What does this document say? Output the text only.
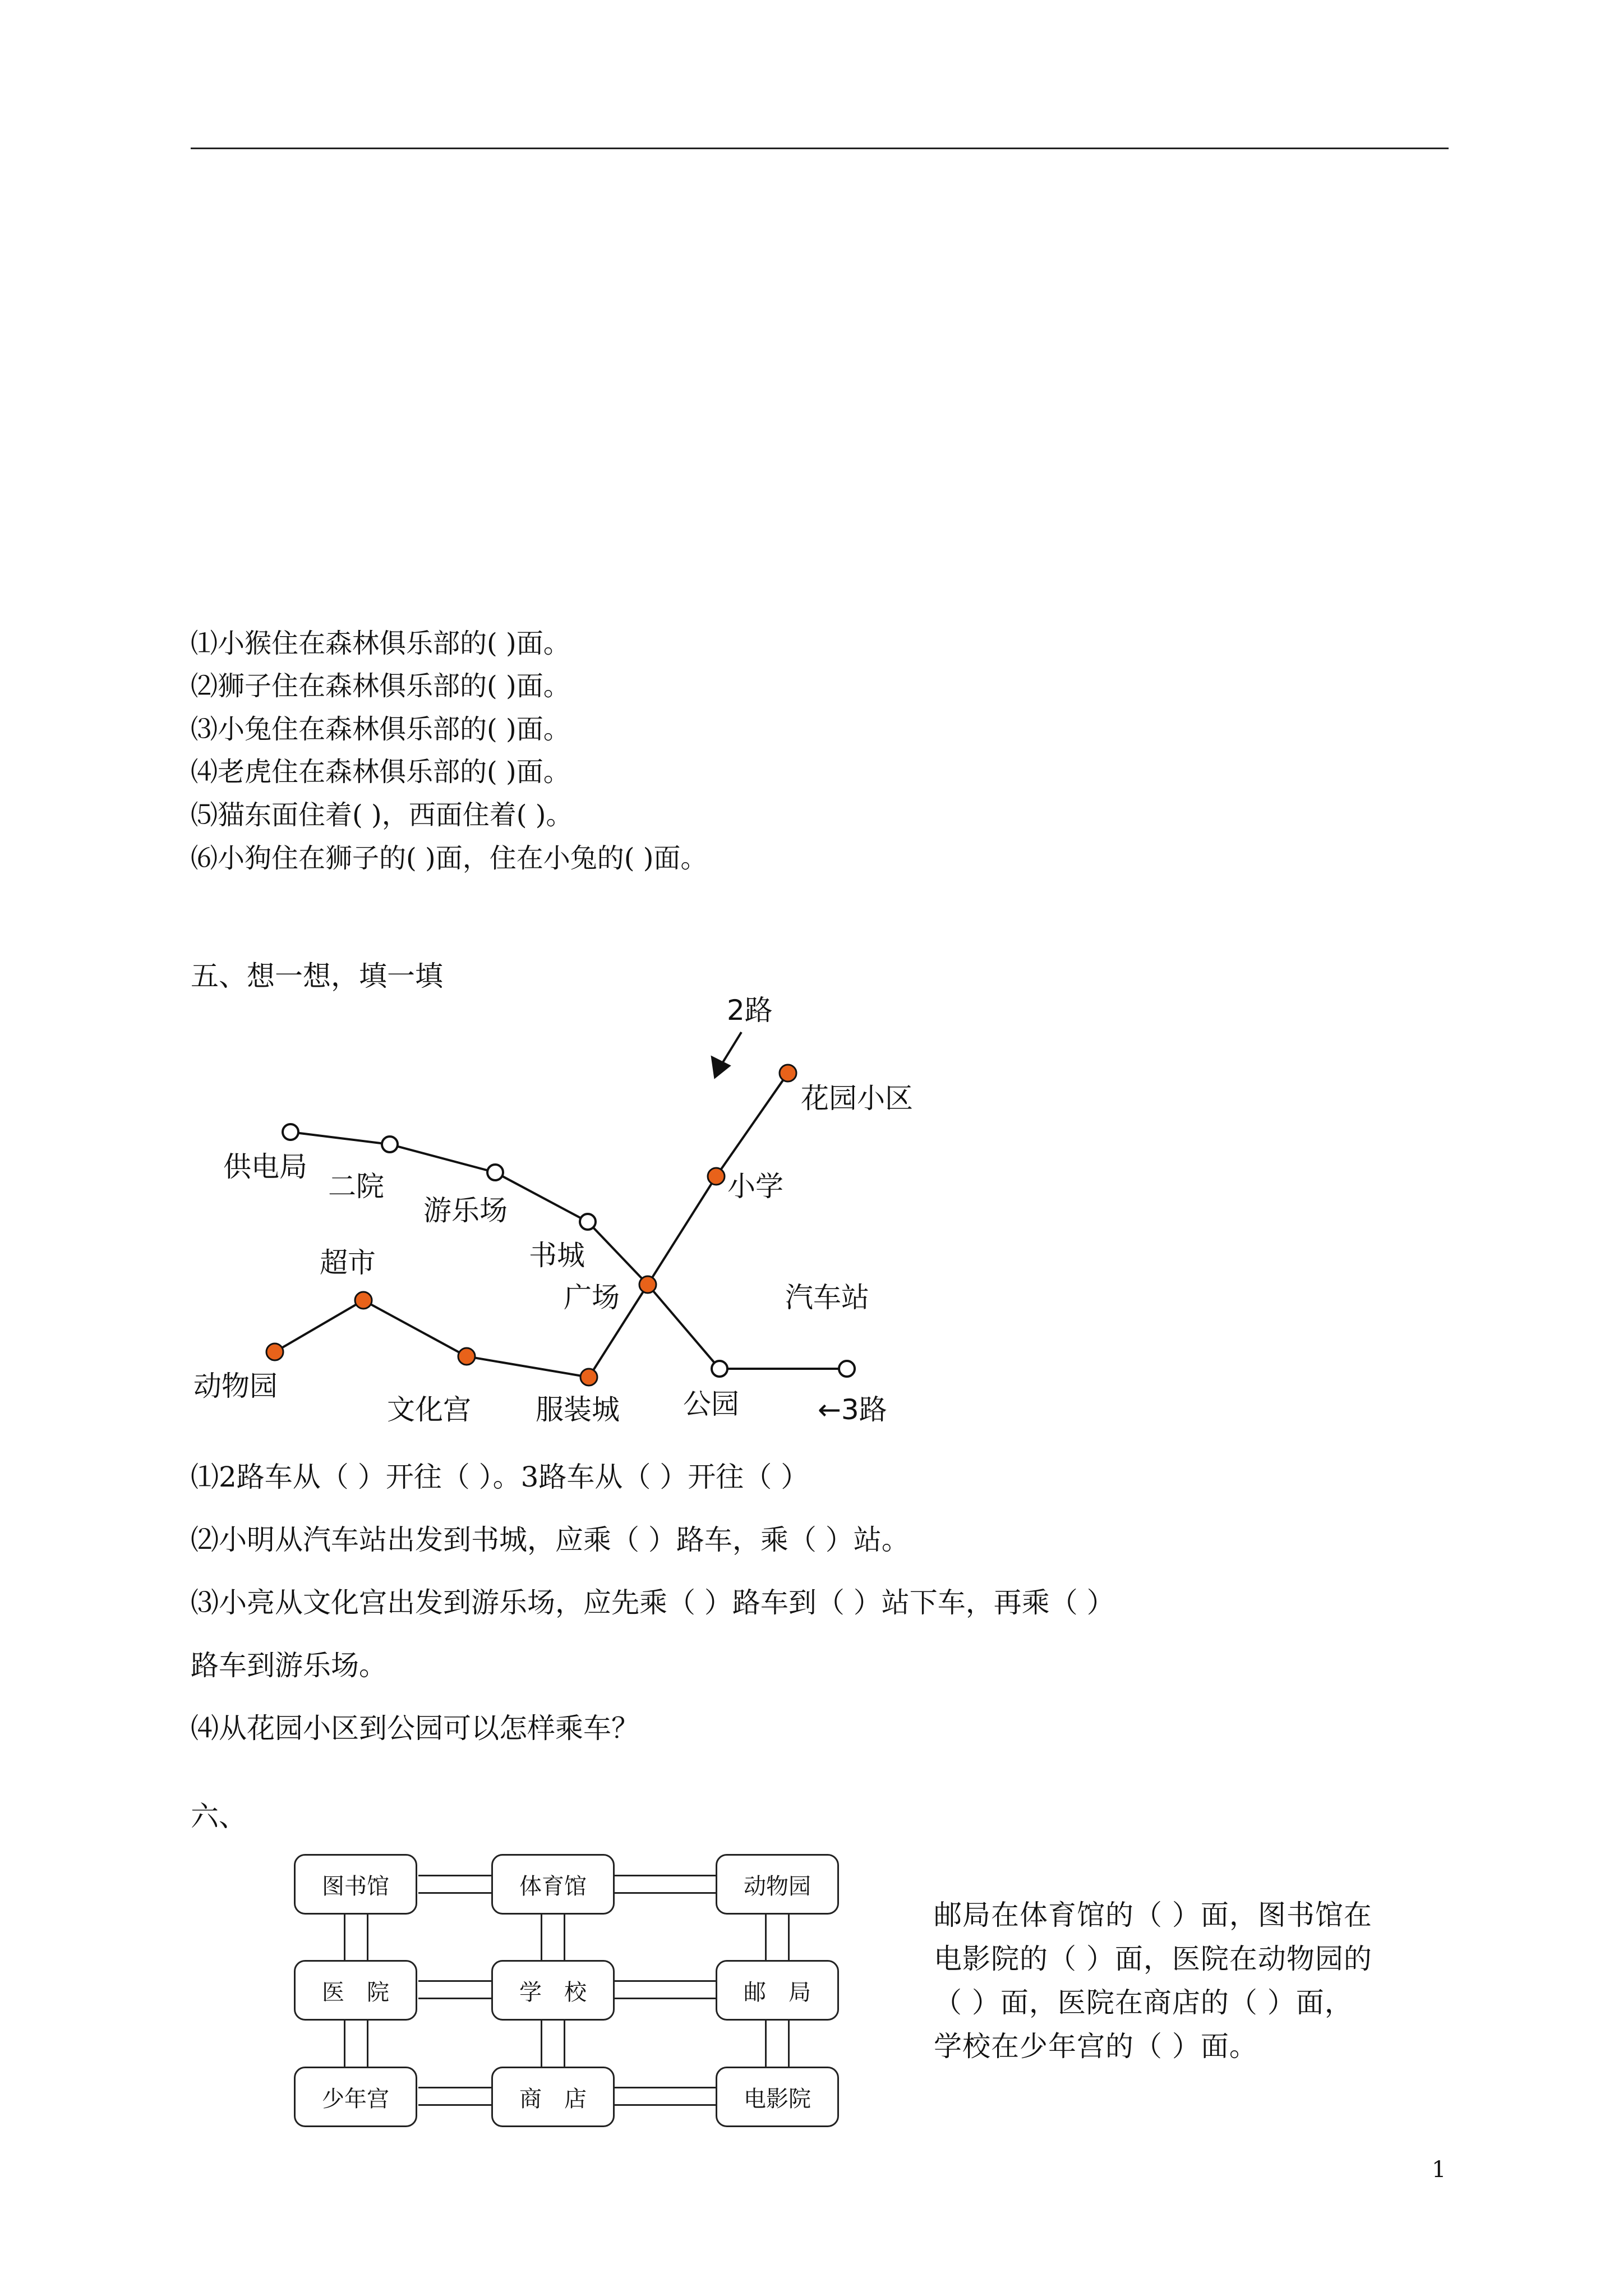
⑴小猴住在森林俱乐部的( )面。
⑵狮子住在森林俱乐部的( )面。
⑶小兔住在森林俱乐部的( )面。
⑷老虎住在森林俱乐部的( )面。
⑸猫东面住着( )，西面住着( )。
⑹小狗住在狮子的( )面，住在小兔的( )面。
五、想一想，填一填
2路
花园小区
供电局
二院
游乐场
小学
书城
超市
广场	汽车站
动物园
文化宫 服装城 公园	←3路
⑴2路车从（ ）开往（ ）。3路车从（ ）开往（ ）
⑵小明从汽车站出发到书城，应乘（ ）路车，乘（ ）站。
⑶小亮从文化宫出发到游乐场，应先乘（ ）路车到（ ）站下车，再乘（ ）
路车到游乐场。
⑷从花园小区到公园可以怎样乘车？
六、
图书馆	体育馆	动物园
医　院	学　校	邮　局
少年宫	商　店	电影院
邮局在体育馆的（ ）面，图书馆在电影院的（ ）面，医院在动物园的（ ）面，医院在商店的（ ）面，学校在少年宫的（ ）面。
1
